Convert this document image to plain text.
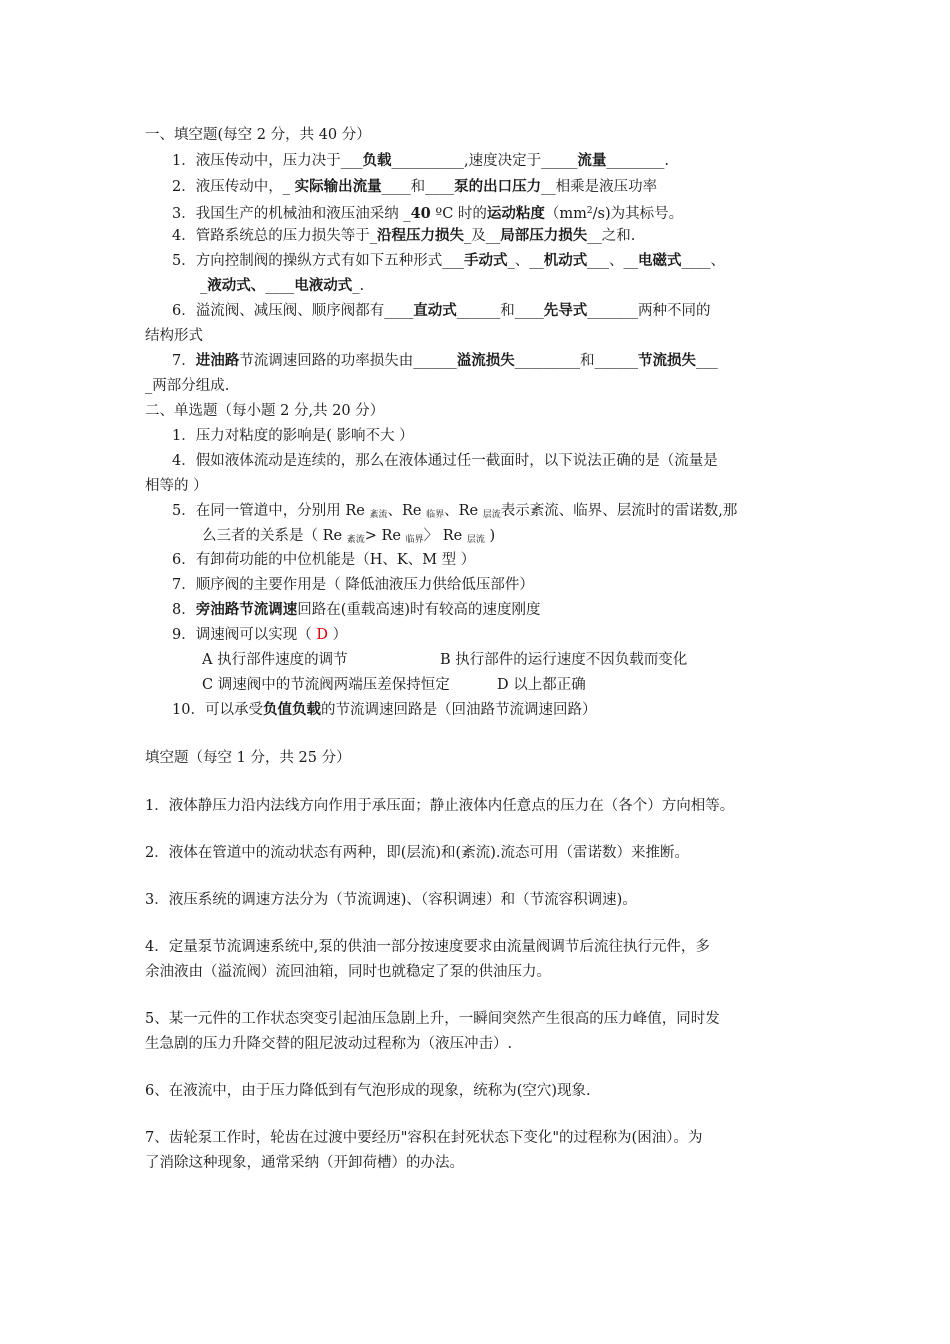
一、填空题(每空 2 分，共 40 分）
1．液压传动中，压力决于___负载__________,速度决定于_____流量________.
2．液压传动中，_ 实际输出流量____和____泵的出口压力__相乘是液压功率
3．我国生产的机械油和液压油采纳 _40 ºC 时的运动粘度$(mm^2/s)$为其标号。
4．管路系统总的压力损失等于_沿程压力损失_及__局部压力损失__之和.
5．方向控制阀的操纵方式有如下五种形式___手动式_、__机动式___、__电磁式____、
_液动式、____电液动式_.
6．溢流阀、减压阀、顺序阀都有____直动式______和____先导式_______两种不同的
结构形式
7．进油路节流调速回路的功率损失由______溢流损失_________和______节流损失___
_两部分组成.
二、单选题（每小题 2 分,共 20 分）
1．压力对粘度的影响是( 影响不大 ）
4．假如液体流动是连续的，那么在液体通过任一截面时，以下说法正确的是（流量是
相等的 ）
5．在同一管道中，分别用 Re $_{紊流}$、Re $_{临界}$、Re $_{层流}$表示紊流、临界、层流时的雷诺数,那
么三者的关系是（ Re $_{紊流}$> Re $_{临界}$〉 Re $_{层流}$ )
6．有卸荷功能的中位机能是（H、K、M 型 ）
7．顺序阀的主要作用是（ 降低油液压力供给低压部件）
8．旁油路节流调速回路在(重载高速)时有较高的速度刚度
9．调速阀可以实现（ D ）
A 执行部件速度的调节	B 执行部件的运行速度不因负载而变化
C 调速阀中的节流阀两端压差保持恒定	D 以上都正确
10．可以承受负值负载的节流调速回路是（回油路节流调速回路）
填空题（每空 1 分，共 25 分）
1．液体静压力沿内法线方向作用于承压面；静止液体内任意点的压力在（各个）方向相等。
2．液体在管道中的流动状态有两种，即(层流)和(紊流).流态可用（雷诺数）来推断。
3．液压系统的调速方法分为（节流调速)、（容积调速）和（节流容积调速)。
4．定量泵节流调速系统中,泵的供油一部分按速度要求由流量阀调节后流往执行元件，多
余油液由（溢流阀）流回油箱，同时也就稳定了泵的供油压力。
5、某一元件的工作状态突变引起油压急剧上升，一瞬间突然产生很高的压力峰值，同时发
生急剧的压力升降交替的阻尼波动过程称为（液压冲击）.
6、在液流中，由于压力降低到有气泡形成的现象，统称为(空穴)现象.
7、齿轮泵工作时，轮齿在过渡中要经历"容积在封死状态下变化"的过程称为(困油）。为
了消除这种现象，通常采纳（开卸荷槽）的办法。
